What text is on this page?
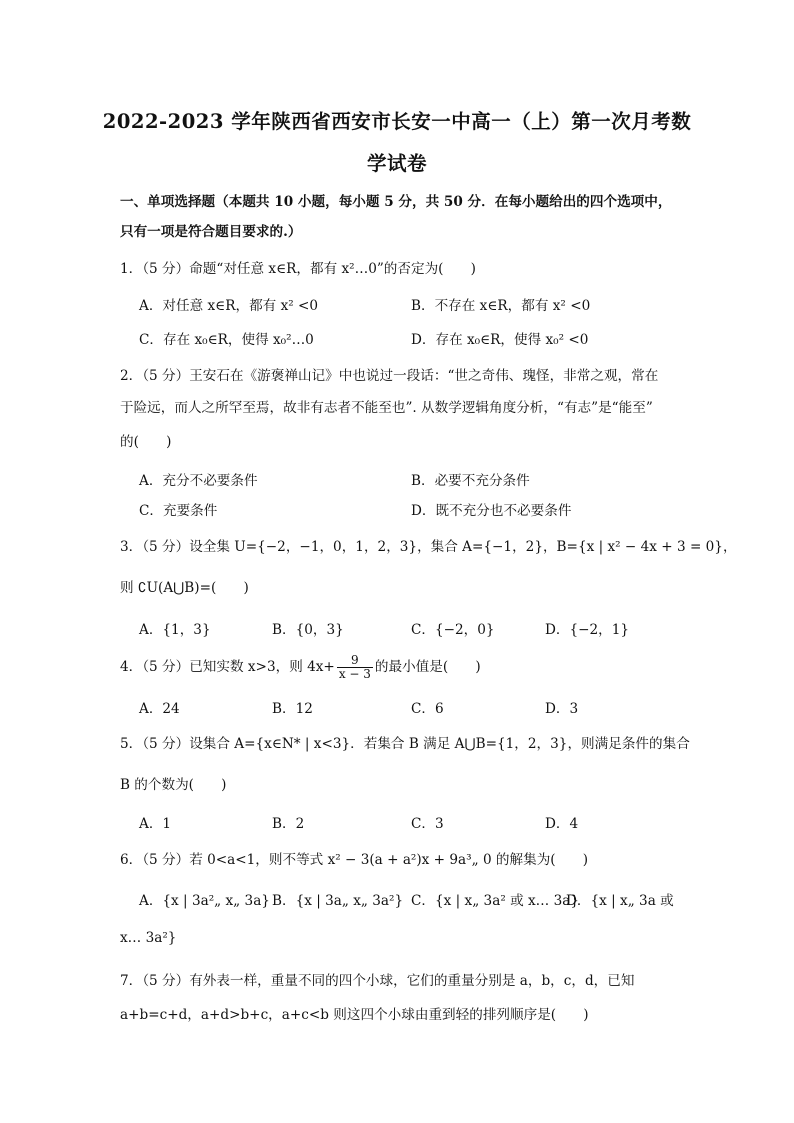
2022-2023 学年陕西省西安市长安一中高一（上）第一次月考数
学试卷
一、单项选择题（本题共 10 小题，每小题 5 分，共 50 分．在每小题给出的四个选项中，
只有一项是符合题目要求的.）
1．（5 分）命题“对任意 x∈R，都有 x²…0”的否定为(　　)
A．对任意 x∈R，都有 x² <0	B．不存在 x∈R，都有 x² <0
C．存在 x₀∈R，使得 x₀²…0	D．存在 x₀∈R，使得 x₀² <0
2．（5 分）王安石在《游褒禅山记》中也说过一段话：“世之奇伟、瑰怪，非常之观，常在
于险远，而人之所罕至焉，故非有志者不能至也”. 从数学逻辑角度分析，“有志”是“能至”
的(　　)
A．充分不必要条件	B．必要不充分条件
C．充要条件	D．既不充分也不必要条件
3．（5 分）设全集 U={−2，−1，0，1，2，3}，集合 A={−1，2}，B={x | x² − 4x + 3 = 0}，
则 ∁U(A⋃B)=(　　)
A．{1，3}	B．{0，3}	C．{−2，0}	D．{−2，1}
4．（5 分）已知实数 x>3，则 $4x+ \frac{9}{x - 3}$ 的最小值是(　　)
A．24	B．12	C．6	D．3
5．（5 分）设集合 A={x∈N* | x<3}．若集合 B 满足 A⋃B={1，2，3}，则满足条件的集合
B 的个数为(　　)
A．1	B．2	C．3	D．4
6．（5 分）若 0<a<1，则不等式 x² − 3(a + a²)x + 9a³„ 0 的解集为(　　)
A．{x | 3a²„ x„ 3a} B．{x | 3a„ x„ 3a²} C．{x | x„ 3a² 或 x… 3a}
D．{x | x„ 3a 或
x… 3a²}
7．（5 分）有外表一样，重量不同的四个小球，它们的重量分别是 a，b，c，d，已知
a+b=c+d，a+d>b+c，a+c<b 则这四个小球由重到轻的排列顺序是(　　)
